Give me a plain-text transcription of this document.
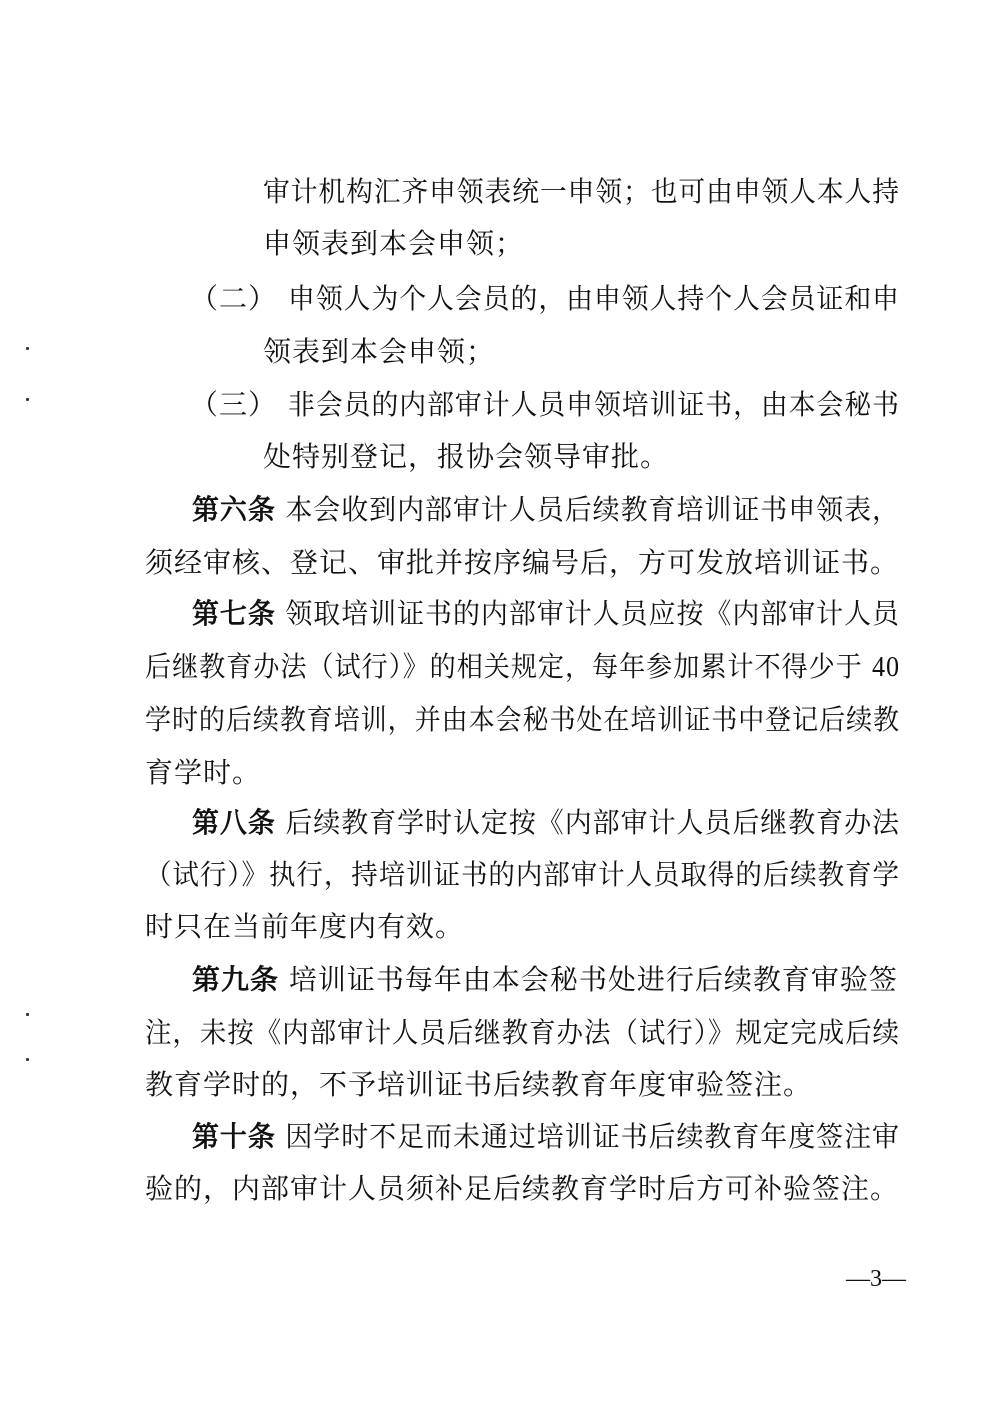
审计机构汇齐申领表统一申领；也可由申领人本人持
申领表到本会申领；
（二） 申领人为个人会员的，由申领人持个人会员证和申
领表到本会申领；
（三） 非会员的内部审计人员申领培训证书，由本会秘书
处特别登记，报协会领导审批。
第六条 本会收到内部审计人员后续教育培训证书申领表，
须经审核、登记、审批并按序编号后，方可发放培训证书。
第七条 领取培训证书的内部审计人员应按《内部审计人员
后继教育办法（试行）》的相关规定，每年参加累计不得少于 40
学时的后续教育培训，并由本会秘书处在培训证书中登记后续教
育学时。
第八条 后续教育学时认定按《内部审计人员后继教育办法
（试行）》执行，持培训证书的内部审计人员取得的后续教育学
时只在当前年度内有效。
第九条 培训证书每年由本会秘书处进行后续教育审验签
注，未按《内部审计人员后继教育办法（试行）》规定完成后续
教育学时的，不予培训证书后续教育年度审验签注。
第十条 因学时不足而未通过培训证书后续教育年度签注审
验的，内部审计人员须补足后续教育学时后方可补验签注。
—3—
